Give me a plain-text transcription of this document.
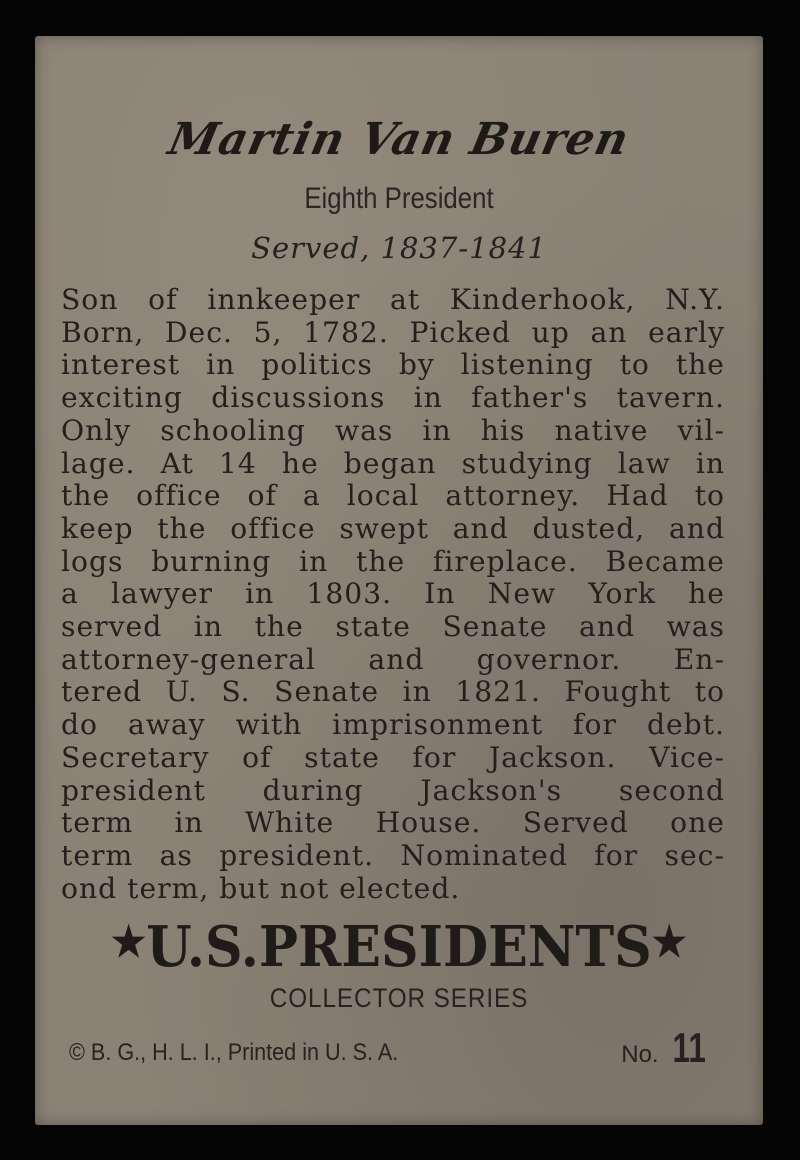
Martin Van Buren
Eighth President
Served, 1837-1841
Son of innkeeper at Kinderhook, N.Y.
Born, Dec. 5, 1782. Picked up an early
interest in politics by listening to the
exciting discussions in father's tavern.
Only schooling was in his native vil-
lage. At 14 he began studying law in
the office of a local attorney. Had to
keep the office swept and dusted, and
logs burning in the fireplace. Became
a lawyer in 1803. In New York he
served in the state Senate and was
attorney-general and governor. En-
tered U. S. Senate in 1821. Fought to
do away with imprisonment for debt.
Secretary of state for Jackson. Vice-
president during Jackson's second
term in White House. Served one
term as president. Nominated for sec-
ond term, but not elected.
★U.S.PRESIDENTS★
COLLECTOR SERIES
© B. G., H. L. I., Printed in U. S. A.	No. 11
